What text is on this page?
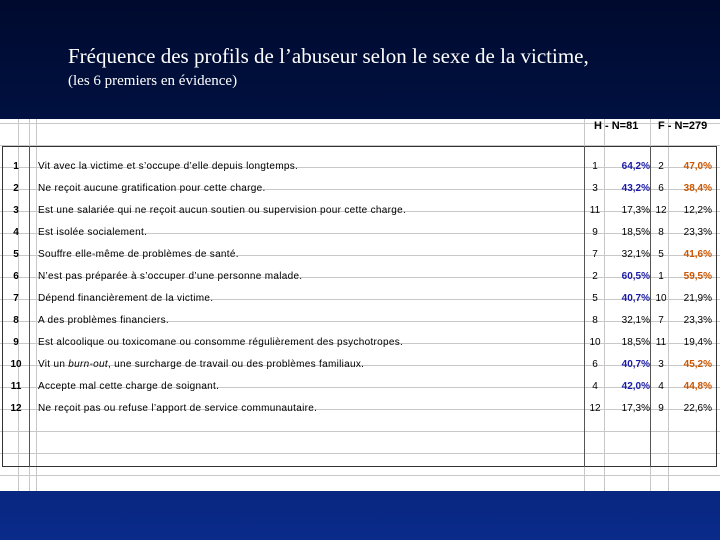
Fréquence des profils de l’abuseur selon le sexe de la victime,
(les 6 premiers en évidence)
H - N=81 F - N=279
1	Vit avec la victime et s’occupe d’elle depuis longtemps.	1	64,2% 2	47,0%
2	Ne reçoit aucune gratification pour cette charge.	3	43,2% 6	38,4%
3	Est une salariée qui ne reçoit aucun soutien ou supervision pour cette charge.	11	17,3% 12	12,2%
4	Est isolée socialement.	9	18,5% 8	23,3%
5	Souffre elle-même de problèmes de santé.	7	32,1% 5	41,6%
6	N’est pas préparée à s’occuper d’une personne malade.	2	60,5% 1	59,5%
7	Dépend financièrement de la victime.	5	40,7% 10	21,9%
8	A des problèmes financiers.	8	32,1% 7	23,3%
9	Est alcoolique ou toxicomane ou consomme régulièrement des psychotropes.	10	18,5% 11	19,4%
10	Vit un burn-out, une surcharge de travail ou des problèmes familiaux.	6	40,7% 3	45,2%
11	Accepte mal cette charge de soignant.	4	42,0% 4	44,8%
12	Ne reçoit pas ou refuse l’apport de service communautaire.	12	17,3% 9	22,6%
